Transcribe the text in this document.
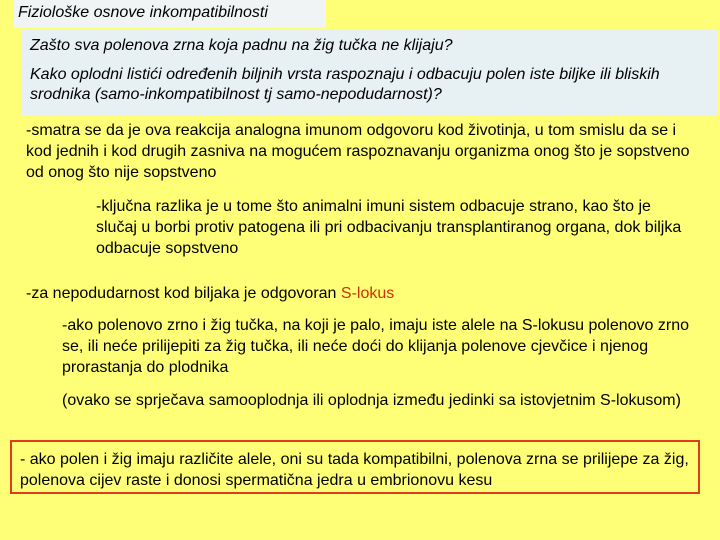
Fiziološke osnove inkompatibilnosti

Zašto sva polenova zrna koja padnu na žig tučka ne klijaju?

Kako oplodni listići određenih biljnih vrsta raspoznaju i odbacuju polen iste biljke ili bliskih srodnika (samo-inkompatibilnost tj samo-nepodudarnost)?

-smatra se da je ova reakcija analogna imunom odgovoru kod životinja, u tom smislu da se i kod jednih i kod drugih zasniva na mogućem raspoznavanju organizma onog što je sopstveno od onog što nije sopstveno

-ključna razlika je u tome što animalni imuni sistem odbacuje strano, kao što je slučaj u borbi protiv patogena ili pri odbacivanju transplantiranog organa, dok biljka odbacuje sopstveno

-za nepodudarnost kod biljaka je odgovoran S-lokus

-ako polenovo zrno i žig tučka, na koji je palo, imaju iste alele na S-lokusu polenovo zrno se, ili neće prilijepiti za žig tučka, ili neće doći do klijanja polenove cjevčice i njenog prorastanja do plodnika

(ovako se sprječava samooplodnja ili oplodnja između jedinki sa istovjetnim S-lokusom)

- ako polen i žig imaju različite alele, oni su tada kompatibilni, polenova zrna se prilijepe za žig, polenova cijev raste i donosi spermatična jedra u embrionovu kesu
